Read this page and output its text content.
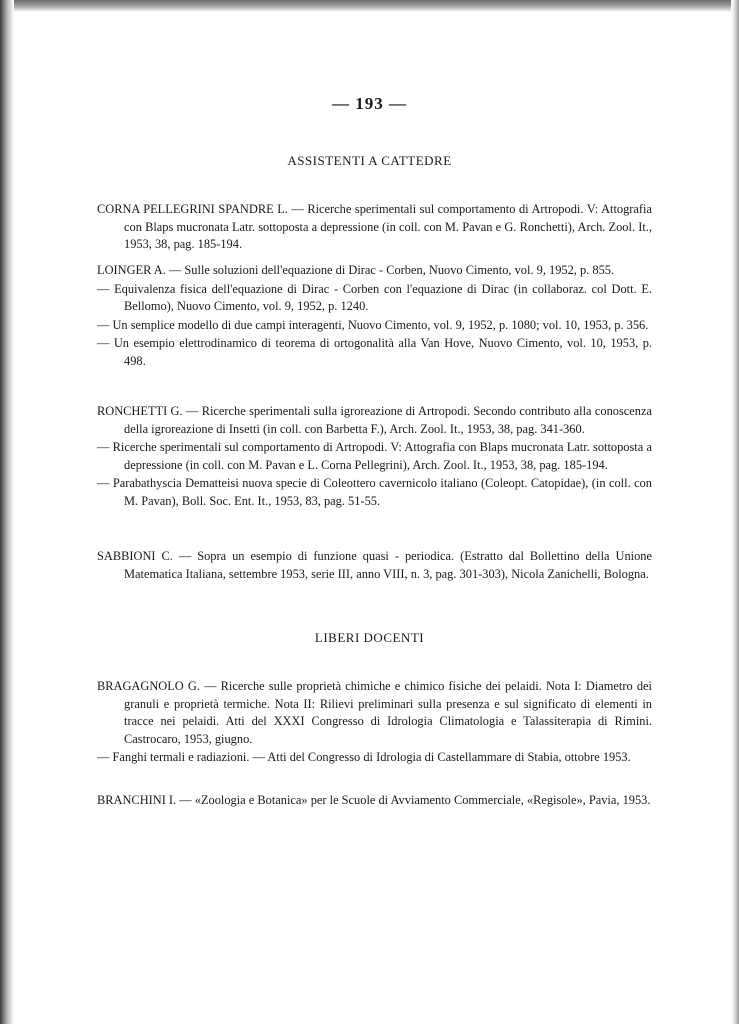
— 193 —
ASSISTENTI A CATTEDRE
CORNA PELLEGRINI SPANDRE L. — Ricerche sperimentali sul comportamento di Artropodi. V: Attografia con Blaps mucronata Latr. sottoposta a depressione (in coll. con M. Pavan e G. Ronchetti), Arch. Zool. It., 1953, 38, pag. 185-194.
LOINGER A. — Sulle soluzioni dell'equazione di Dirac - Corben, Nuovo Cimento, vol. 9, 1952, p. 855.
— Equivalenza fisica dell'equazione di Dirac - Corben con l'equazione di Dirac (in collaboraz. col Dott. E. Bellomo), Nuovo Cimento, vol. 9, 1952, p. 1240.
— Un semplice modello di due campi interagenti, Nuovo Cimento, vol. 9, 1952, p. 1080; vol. 10, 1953, p. 356.
— Un esempio elettrodinamico di teorema di ortogonalità alla Van Hove, Nuovo Cimento, vol. 10, 1953, p. 498.
RONCHETTI G. — Ricerche sperimentali sulla igroreazione di Artropodi. Secondo contributo alla conoscenza della igroreazione di Insetti (in coll. con Barbetta F.), Arch. Zool. It., 1953, 38, pag. 341-360.
— Ricerche sperimentali sul comportamento di Artropodi. V: Attografia con Blaps mucronata Latr. sottoposta a depressione (in coll. con M. Pavan e L. Corna Pellegrini), Arch. Zool. It., 1953, 38, pag. 185-194.
— Parabathyscia Dematteisi nuova specie di Coleottero cavernicolo italiano (Coleopt. Catopidae), (in coll. con M. Pavan), Boll. Soc. Ent. It., 1953, 83, pag. 51-55.
SABBIONI C. — Sopra un esempio di funzione quasi - periodica. (Estratto dal Bollettino della Unione Matematica Italiana, settembre 1953, serie III, anno VIII, n. 3, pag. 301-303), Nicola Zanichelli, Bologna.
LIBERI DOCENTI
BRAGAGNOLO G. — Ricerche sulle proprietà chimiche e chimico fisiche dei pelaidi. Nota I: Diametro dei granuli e proprietà termiche. Nota II: Rilievi preliminari sulla presenza e sul significato di elementi in tracce nei pelaidi. Atti del XXXI Congresso di Idrologia Climatologia e Talassiterapia di Rimini. Castrocaro, 1953, giugno.
— Fanghi termali e radiazioni. — Atti del Congresso di Idrologia di Castellammare di Stabia, ottobre 1953.
BRANCHINI I. — «Zoologia e Botanica» per le Scuole di Avviamento Commerciale, «Regisole», Pavia, 1953.
